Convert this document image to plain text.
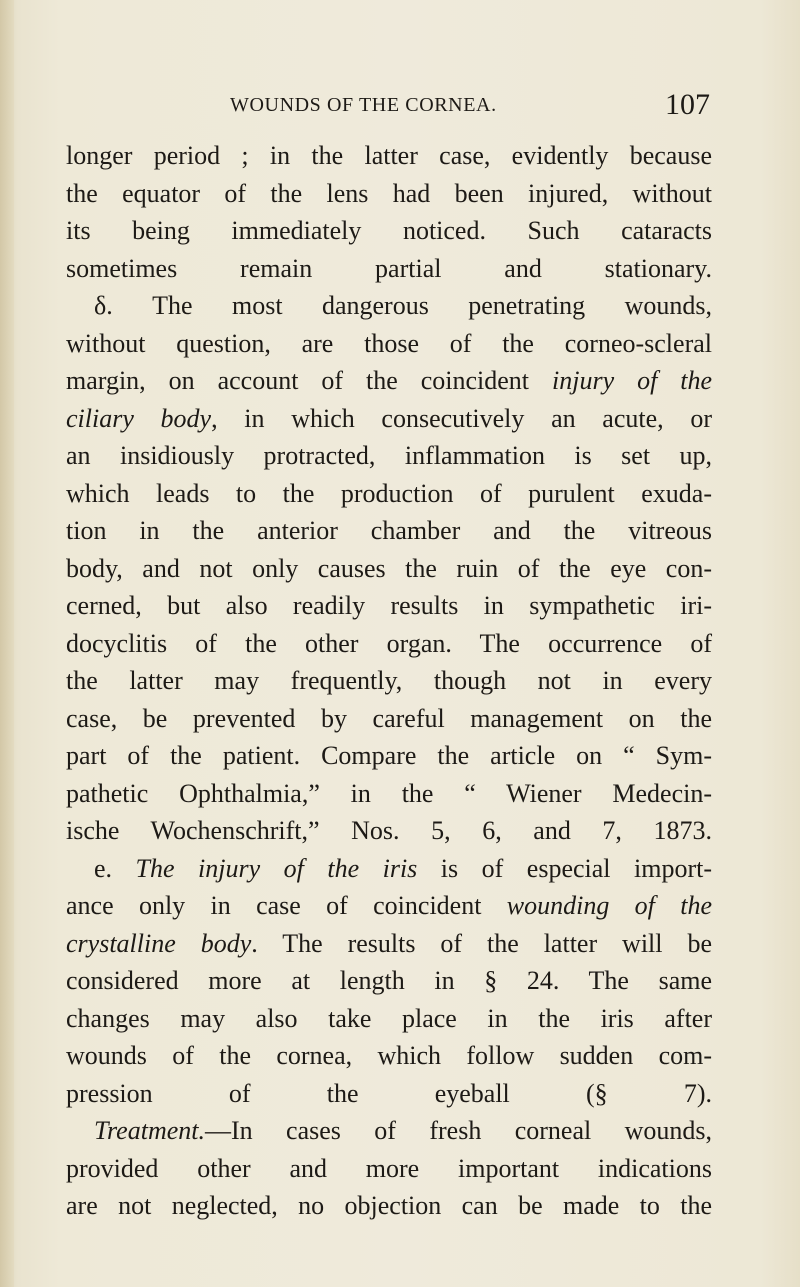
WOUNDS OF THE CORNEA.	107
longer period ; in the latter case, evidently because
the equator of the lens had been injured, without
its being immediately noticed. Such cataracts
sometimes remain partial and stationary.
δ. The most dangerous penetrating wounds,
without question, are those of the corneo-scleral
margin, on account of the coincident injury of the
ciliary body, in which consecutively an acute, or
an insidiously protracted, inflammation is set up,
which leads to the production of purulent exuda-
tion in the anterior chamber and the vitreous
body, and not only causes the ruin of the eye con-
cerned, but also readily results in sympathetic iri-
docyclitis of the other organ. The occurrence of
the latter may frequently, though not in every
case, be prevented by careful management on the
part of the patient. Compare the article on “ Sym-
pathetic Ophthalmia,” in the “ Wiener Medecin-
ische Wochenschrift,” Nos. 5, 6, and 7, 1873.
e. The injury of the iris is of especial import-
ance only in case of coincident wounding of the
crystalline body. The results of the latter will be
considered more at length in § 24. The same
changes may also take place in the iris after
wounds of the cornea, which follow sudden com-
pression of the eyeball (§ 7).
Treatment.—In cases of fresh corneal wounds,
provided other and more important indications
are not neglected, no objection can be made to the
